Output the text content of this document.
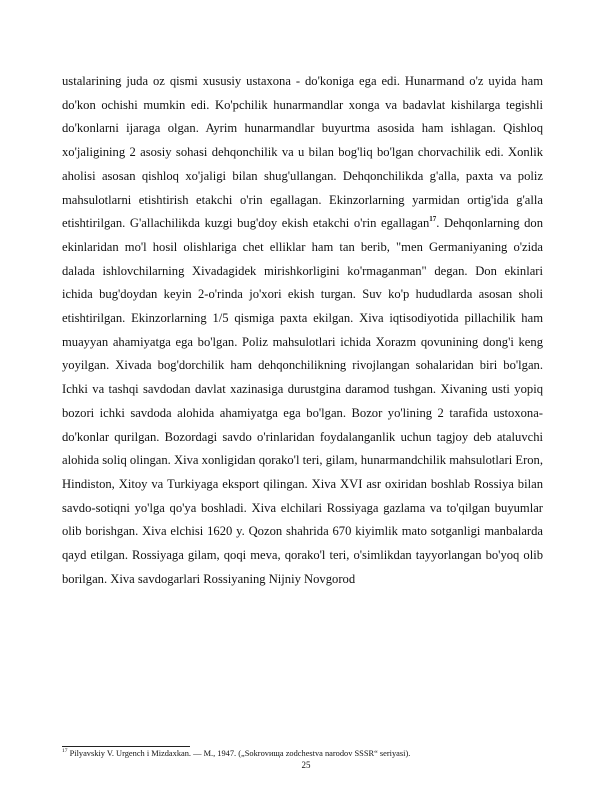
ustalarining juda oz qismi xususiy ustaxona - do'koniga ega edi. Hunarmand o'z uyida ham do'kon ochishi mumkin edi. Ko'pchilik hunarmandlar xonga va badavlat kishilarga tegishli do'konlarni ijaraga olgan. Ayrim hunarmandlar buyurtma asosida ham ishlagan. Qishloq xo'jaligining 2 asosiy sohasi dehqonchilik va u bilan bog'liq bo'lgan chorvachilik edi. Xonlik aholisi asosan qishloq xo'jaligi bilan shug'ullangan. Dehqonchilikda g'alla, paxta va poliz mahsulotlarni etishtirish etakchi o'rin egallagan. Ekinzorlarning yarmidan ortig'ida g'alla etishtirilgan. G'allachilikda kuzgi bug'doy ekish etakchi o'rin egallagan$^{17}$. Dehqonlarning don ekinlaridan mo'l hosil olishlariga chet elliklar ham tan berib, "men Germaniyaning o'zida dalada ishlovchilarning Xivadagidek mirishkorligini ko'rmaganman" degan. Don ekinlari ichida bug'doydan keyin 2-o'rinda jo'xori ekish turgan. Suv ko'p hududlarda asosan sholi etishtirilgan. Ekinzorlarning 1/5 qismiga paxta ekilgan. Xiva iqtisodiyotida pillachilik ham muayyan ahamiyatga ega bo'lgan. Poliz mahsulotlari ichida Xorazm qovunining dong'i keng yoyilgan. Xivada bog'dorchilik ham dehqonchilikning rivojlangan sohalaridan biri bo'lgan. Ichki va tashqi savdodan davlat xazinasiga durustgina daramod tushgan. Xivaning usti yopiq bozori ichki savdoda alohida ahamiyatga ega bo'lgan. Bozor yo'lining 2 tarafida ustoxona-do'konlar qurilgan. Bozordagi savdo o'rinlaridan foydalanganlik uchun tagjoy deb ataluvchi alohida soliq olingan. Xiva xonligidan qorako'l teri, gilam, hunarmandchilik mahsulotlari Eron, Hindiston, Xitoy va Turkiyaga eksport qilingan. Xiva XVI asr oxiridan boshlab Rossiya bilan savdo-sotiqni yo'lga qo'ya boshladi. Xiva elchilari Rossiyaga gazlama va to'qilgan buyumlar olib borishgan. Xiva elchisi 1620 y. Qozon shahrida 670 kiyimlik mato sotganligi manbalarda qayd etilgan. Rossiyaga gilam, qoqi meva, qorako'l teri, o'simlikdan tayyorlangan bo'yoq olib borilgan. Xiva savdogarlari Rossiyaning Nijniy Novgorod

$^{17}$ Pilyavskiy V. Urgench i Mizdaxkan. — M., 1947. („Sokrovища zodchestva narodov SSSR“ seriyasi).

25
